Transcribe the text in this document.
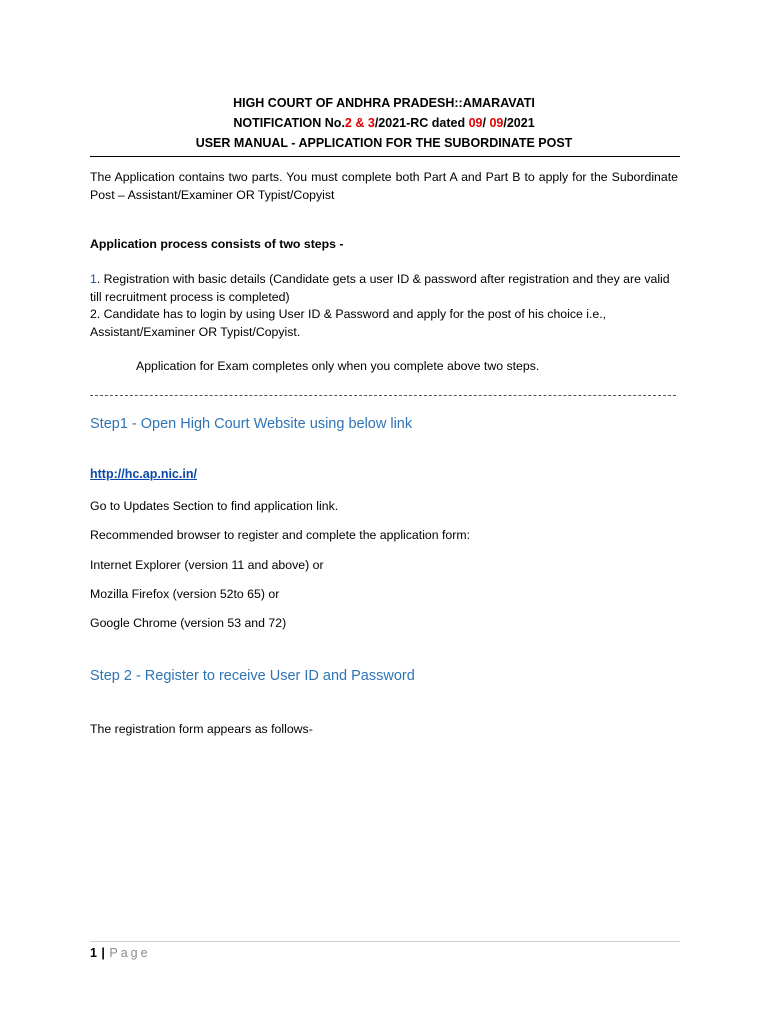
HIGH COURT OF ANDHRA PRADESH::AMARAVATI
NOTIFICATION No.2 & 3/2021-RC dated 09/ 09/2021
USER MANUAL - APPLICATION FOR THE SUBORDINATE POST
The Application contains two parts. You must complete both Part A and Part B to apply for the Subordinate Post – Assistant/Examiner OR Typist/Copyist
Application process consists of two steps -
1. Registration with basic details (Candidate gets a user ID & password after registration and they are valid till recruitment process is completed)
2. Candidate has to login by using User ID & Password and apply for the post of his choice i.e., Assistant/Examiner OR Typist/Copyist.
Application for Exam completes only when you complete above two steps.
Step1 - Open High Court Website using below link
http://hc.ap.nic.in/
Go to Updates Section to find application link.
Recommended browser to register and complete the application form:
Internet Explorer (version 11 and above) or
Mozilla Firefox (version 52to 65) or
Google Chrome (version 53 and 72)
Step 2 - Register to receive User ID and Password
The registration form appears as follows-
1 | Page
